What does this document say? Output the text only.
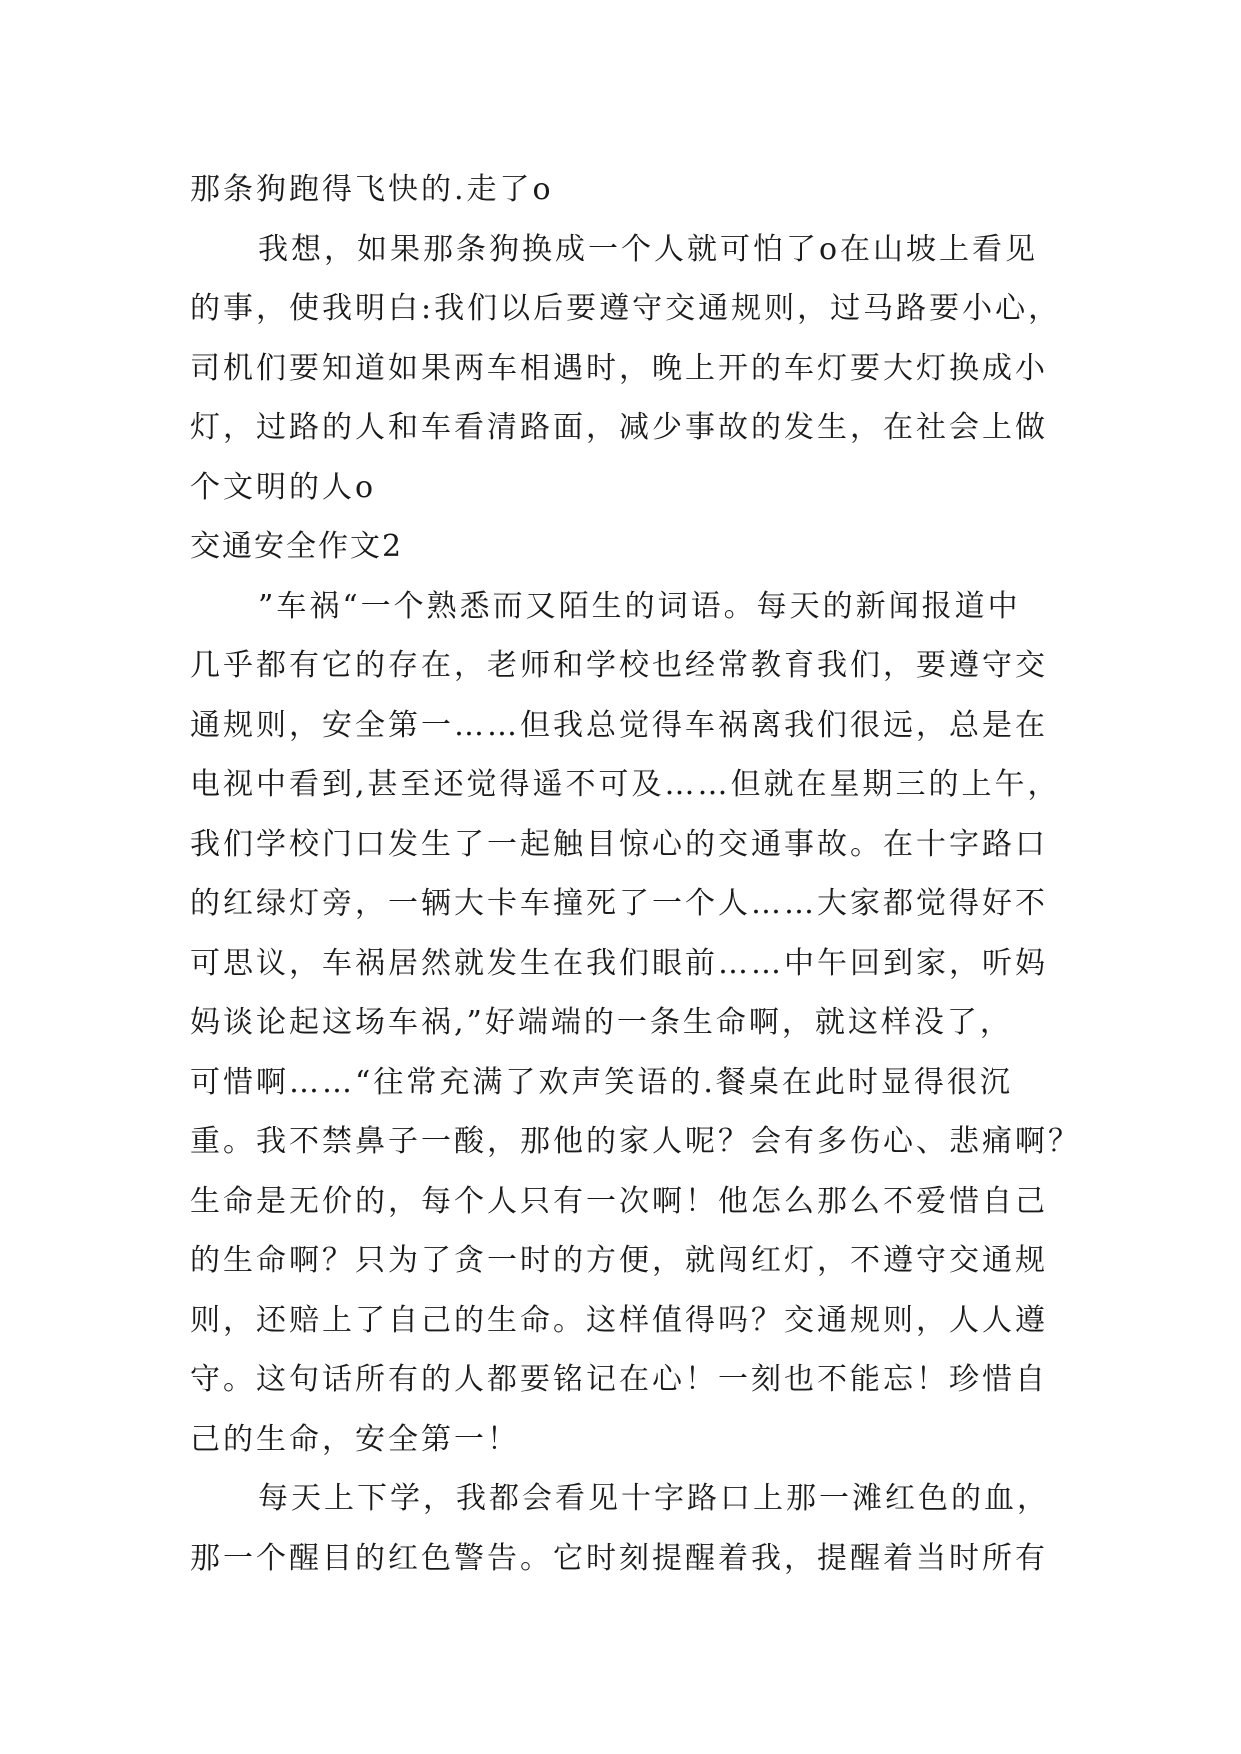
那条狗跑得飞快的.走了o
我想，如果那条狗换成一个人就可怕了o在山坡上看见
的事，使我明白:我们以后要遵守交通规则，过马路要小心，
司机们要知道如果两车相遇时，晚上开的车灯要大灯换成小
灯，过路的人和车看清路面，减少事故的发生，在社会上做
个文明的人o
交通安全作文2
”车祸“一个熟悉而又陌生的词语。每天的新闻报道中
几乎都有它的存在，老师和学校也经常教育我们，要遵守交
通规则，安全第一……但我总觉得车祸离我们很远，总是在
电视中看到,甚至还觉得遥不可及……但就在星期三的上午，
我们学校门口发生了一起触目惊心的交通事故。在十字路口
的红绿灯旁，一辆大卡车撞死了一个人……大家都觉得好不
可思议，车祸居然就发生在我们眼前……中午回到家，听妈
妈谈论起这场车祸,”好端端的一条生命啊，就这样没了，
可惜啊……“往常充满了欢声笑语的.餐桌在此时显得很沉
重。我不禁鼻子一酸，那他的家人呢？会有多伤心、悲痛啊？
生命是无价的，每个人只有一次啊！他怎么那么不爱惜自己
的生命啊？只为了贪一时的方便，就闯红灯，不遵守交通规
则，还赔上了自己的生命。这样值得吗？交通规则，人人遵
守。这句话所有的人都要铭记在心！一刻也不能忘！珍惜自
己的生命，安全第一！
每天上下学，我都会看见十字路口上那一滩红色的血，
那一个醒目的红色警告。它时刻提醒着我，提醒着当时所有
